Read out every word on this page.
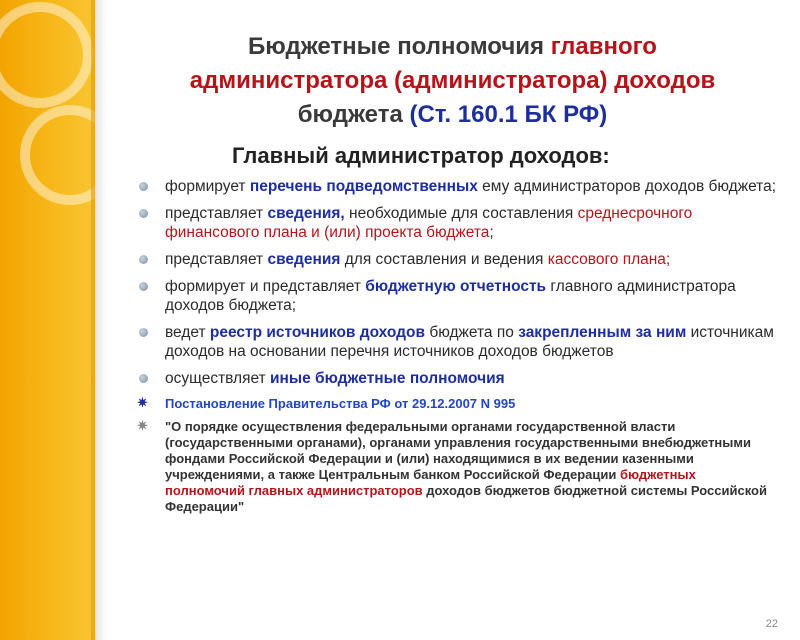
Бюджетные полномочия главного
администратора (администратора) доходов
бюджета (Ст. 160.1 БК РФ)
Главный администратор доходов:
формирует перечень подведомственных ему администраторов доходов бюджета;
представляет сведения, необходимые для составления среднесрочного финансового плана и (или) проекта бюджета;
представляет сведения для составления и ведения кассового плана;
формирует и представляет бюджетную отчетность главного администратора доходов бюджета;
ведет реестр источников доходов бюджета по закрепленным за ним источникам доходов на основании перечня источников доходов бюджетов
осуществляет иные бюджетные полномочия
✷ Постановление Правительства РФ от 29.12.2007 N 995
✷ "О порядке осуществления федеральными органами государственной власти (государственными органами), органами управления государственными внебюджетными фондами Российской Федерации и (или) находящимися в их ведении казенными учреждениями, а также Центральным банком Российской Федерации бюджетных полномочий главных администраторов доходов бюджетов бюджетной системы Российской Федерации"
22
